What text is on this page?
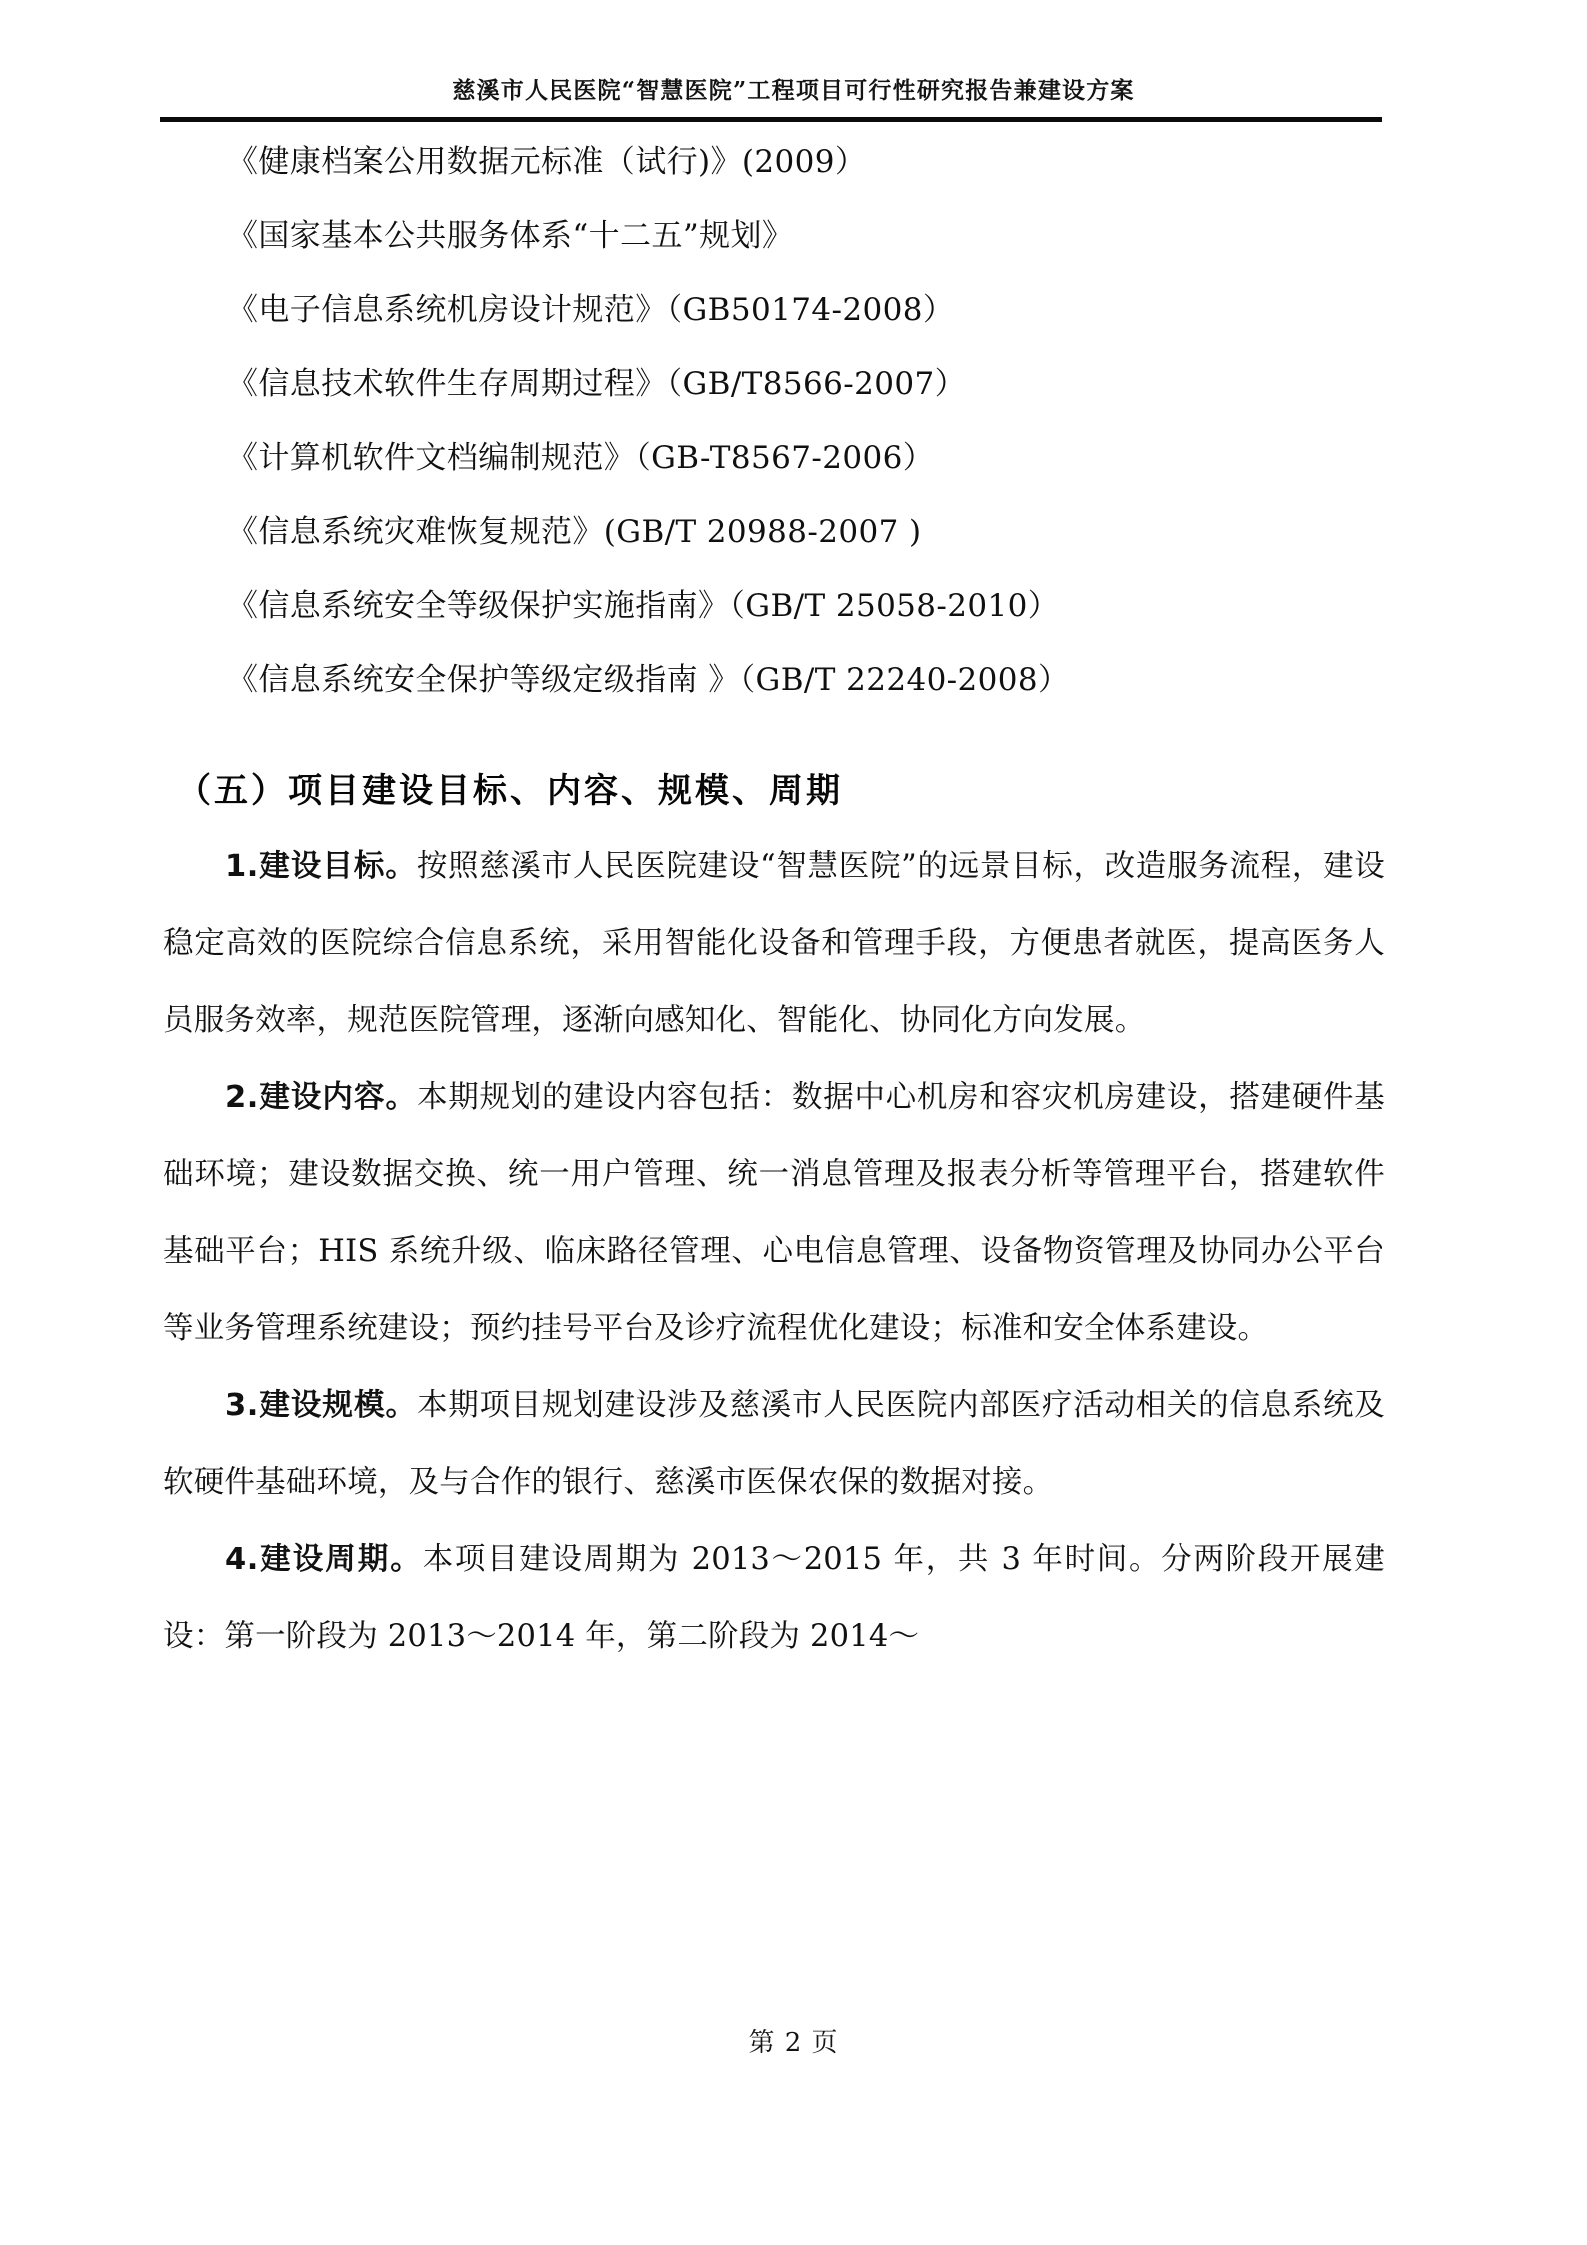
慈溪市人民医院“智慧医院”工程项目可行性研究报告兼建设方案
《健康档案公用数据元标准（试行)》(2009）
《国家基本公共服务体系“十二五”规划》
《电子信息系统机房设计规范》（GB50174-2008）
《信息技术软件生存周期过程》（GB/T8566-2007）
《计算机软件文档编制规范》（GB-T8567-2006）
《信息系统灾难恢复规范》(GB/T 20988-2007 )
《信息系统安全等级保护实施指南》（GB/T 25058-2010）
《信息系统安全保护等级定级指南 》（GB/T 22240-2008）
（五）项目建设目标、内容、规模、周期

1.建设目标。按照慈溪市人民医院建设“智慧医院”的远景目标，改造服务流程，建设稳定高效的医院综合信息系统，采用智能化设备和管理手段，方便患者就医，提高医务人员服务效率，规范医院管理，逐渐向感知化、智能化、协同化方向发展。

2.建设内容。本期规划的建设内容包括：数据中心机房和容灾机房建设，搭建硬件基础环境；建设数据交换、统一用户管理、统一消息管理及报表分析等管理平台，搭建软件基础平台；HIS 系统升级、临床路径管理、心电信息管理、设备物资管理及协同办公平台等业务管理系统建设；预约挂号平台及诊疗流程优化建设；标准和安全体系建设。

3.建设规模。本期项目规划建设涉及慈溪市人民医院内部医疗活动相关的信息系统及软硬件基础环境，及与合作的银行、慈溪市医保农保的数据对接。

4.建设周期。本项目建设周期为 2013～2015 年，共 3 年时间。分两阶段开展建设：第一阶段为 2013～2014 年，第二阶段为 2014～

第 2 页
